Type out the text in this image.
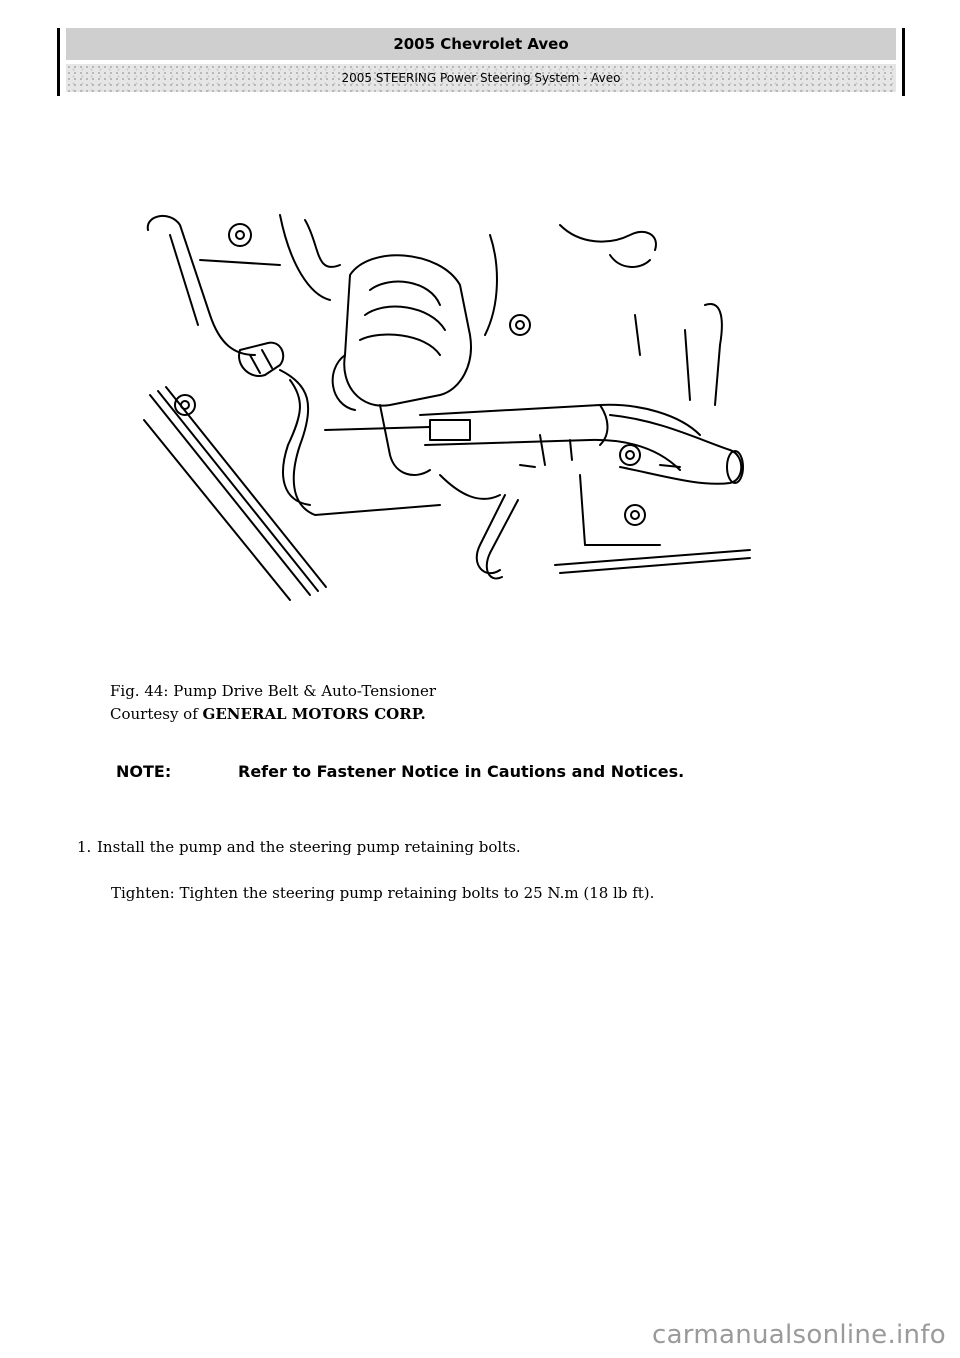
2005 Chevrolet Aveo
2005 STEERING Power Steering System - Aveo
Fig. 44: Pump Drive Belt & Auto-Tensioner
Courtesy of GENERAL MOTORS CORP.
NOTE:	Refer to Fastener Notice in Cautions and Notices.
1. Install the pump and the steering pump retaining bolts.
Tighten: Tighten the steering pump retaining bolts to 25 N.m (18 lb ft).
carmanualsonline.info
